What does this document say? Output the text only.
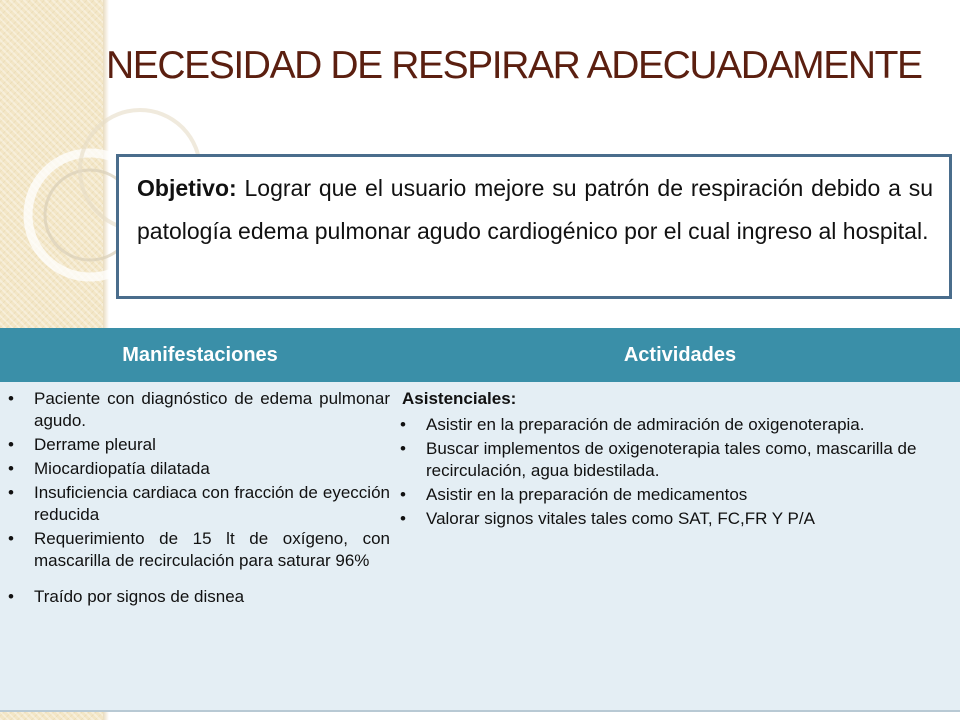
NECESIDAD DE RESPIRAR ADECUADAMENTE

Objetivo: Lograr que el usuario mejore su patrón de respiración debido a su patología edema pulmonar agudo cardiogénico por el cual ingreso al hospital.

Manifestaciones	Actividades
• Paciente con diagnóstico de edema pulmonar agudo.
• Derrame pleural
• Miocardiopatía dilatada
• Insuficiencia cardiaca con fracción de eyección reducida
• Requerimiento de 15 lt de oxígeno, con mascarilla de recirculación para saturar 96%
• Traído por signos de disnea
Asistenciales:
• Asistir en la preparación de admiración de oxigenoterapia.
• Buscar implementos de oxigenoterapia tales como, mascarilla de recirculación, agua bidestilada.
• Asistir en la preparación de medicamentos
• Valorar signos vitales tales como SAT, FC,FR Y P/A
